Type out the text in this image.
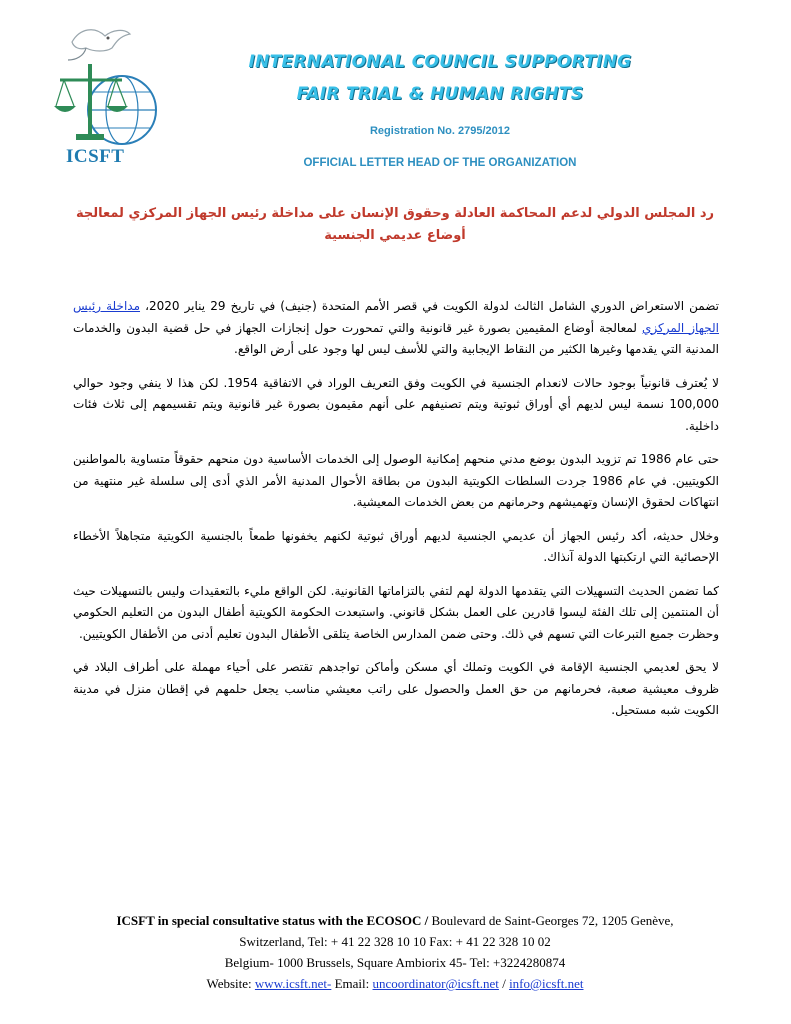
ICSFT
INTERNATIONAL COUNCIL SUPPORTING
FAIR TRIAL & HUMAN RIGHTS
Registration No. 2795/2012
OFFICIAL LETTER HEAD OF THE ORGANIZATION
رد المجلس الدولي لدعم المحاكمة العادلة وحقوق الإنسان على مداخلة رئيس الجهاز المركزي لمعالجة أوضاع عديمي الجنسية

تضمن الاستعراض الدوري الشامل الثالث لدولة الكويت في قصر الأمم المتحدة (جنيف) في تاريخ 29 يناير 2020، مداخلة رئيس الجهاز المركزي لمعالجة أوضاع المقيمين بصورة غير قانونية والتي تمحورت حول إنجازات الجهاز في حل قضية البدون والخدمات المدنية التي يقدمها وغيرها الكثير من النقاط الإيجابية والتي للأسف ليس لها وجود على أرض الواقع.

لا يُعترف قانونياً بوجود حالات لانعدام الجنسية في الكويت وفق التعريف الوراد في الاتفاقية 1954. لكن هذا لا ينفي وجود حوالي 100,000 نسمة ليس لديهم أي أوراق ثبوتية ويتم تصنيفهم على أنهم مقيمون بصورة غير قانونية ويتم تقسيمهم إلى ثلاث فئات داخلية.

حتى عام 1986 تم تزويد البدون بوضع مدني منحهم إمكانية الوصول إلى الخدمات الأساسية دون منحهم حقوقاً متساوية بالمواطنين الكويتيين. في عام 1986 جردت السلطات الكويتية البدون من بطاقة الأحوال المدنية الأمر الذي أدى إلى سلسلة غير منتهية من انتهاكات لحقوق الإنسان وتهميشهم وحرمانهم من بعض الخدمات المعيشية.

وخلال حديثه، أكد رئيس الجهاز أن عديمي الجنسية لديهم أوراق ثبوتية لكنهم يخفونها طمعاً بالجنسية الكويتية متجاهلاً الأخطاء الإحصائية التي ارتكبتها الدولة آنذاك.

كما تضمن الحديث التسهيلات التي يتقدمها الدولة لهم لتفي بالتزاماتها القانونية. لكن الواقع مليء بالتعقيدات وليس بالتسهيلات حيث أن المنتمين إلى تلك الفئة ليسوا قادرين على العمل بشكل قانوني. واستبعدت الحكومة الكويتية أطفال البدون من التعليم الحكومي وحظرت جميع التبرعات التي تسهم في ذلك. وحتى ضمن المدارس الخاصة يتلقى الأطفال البدون تعليم أدنى من الأطفال الكويتيين.

لا يحق لعديمي الجنسية الإقامة في الكويت وتملك أي مسكن وأماكن تواجدهم تقتصر على أحياء مهملة على أطراف البلاد في ظروف معيشية صعبة، فحرمانهم من حق العمل والحصول على راتب معيشي مناسب يجعل حلمهم في إقطان منزل في مدينة الكويت شبه مستحيل.

ICSFT in special consultative status with the ECOSOC / Boulevard de Saint-Georges 72, 1205 Genève,
Switzerland, Tel: + 41 22 328 10 10 Fax: + 41 22 328 10 02
Belgium- 1000 Brussels, Square Ambiorix 45- Tel: +3224280874
Website: www.icsft.net- Email: uncoordinator@icsft.net / info@icsft.net
